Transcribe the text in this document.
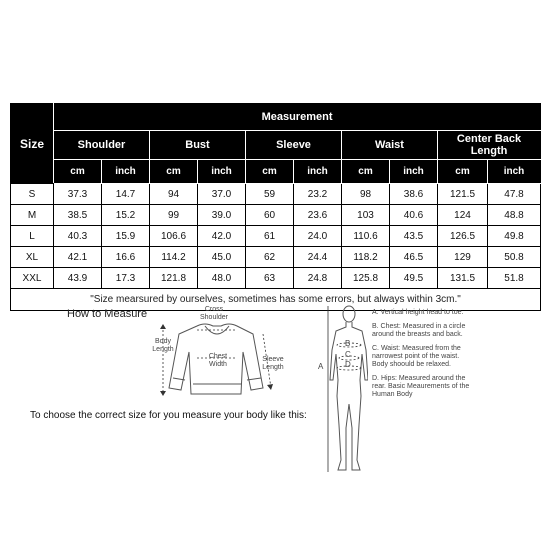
Size	Measurement									
	Shoulder		Bust		Sleeve		Waist		Center Back Length	
	cm	inch	cm	inch	cm	inch	cm	inch	cm	inch
S	37.3	14.7	94	37.0	59	23.2	98	38.6	121.5	47.8
M	38.5	15.2	99	39.0	60	23.6	103	40.6	124	48.8
L	40.3	15.9	106.6	42.0	61	24.0	110.6	43.5	126.5	49.8
XL	42.1	16.6	114.2	45.0	62	24.4	118.2	46.5	129	50.8
XXL	43.9	17.3	121.8	48.0	63	24.8	125.8	49.5	131.5	51.8
"Size mearsured by ourselves, sometimes has some errors, but always within 3cm."										
How to Measure	Cross Shoulder
Body Length
Chest Width
Sleeve Length
To choose the correct size for you measure your body like this:
A
B
C
D
A. Vertical height head to toe.
B. Chest: Measured in a circle around the breasts and back.
C. Waist: Measured from the narrowest point of the waist. Body shoould be relaxed.
D. Hips: Measured around the rear. Basic Meaurements of the Human Body
